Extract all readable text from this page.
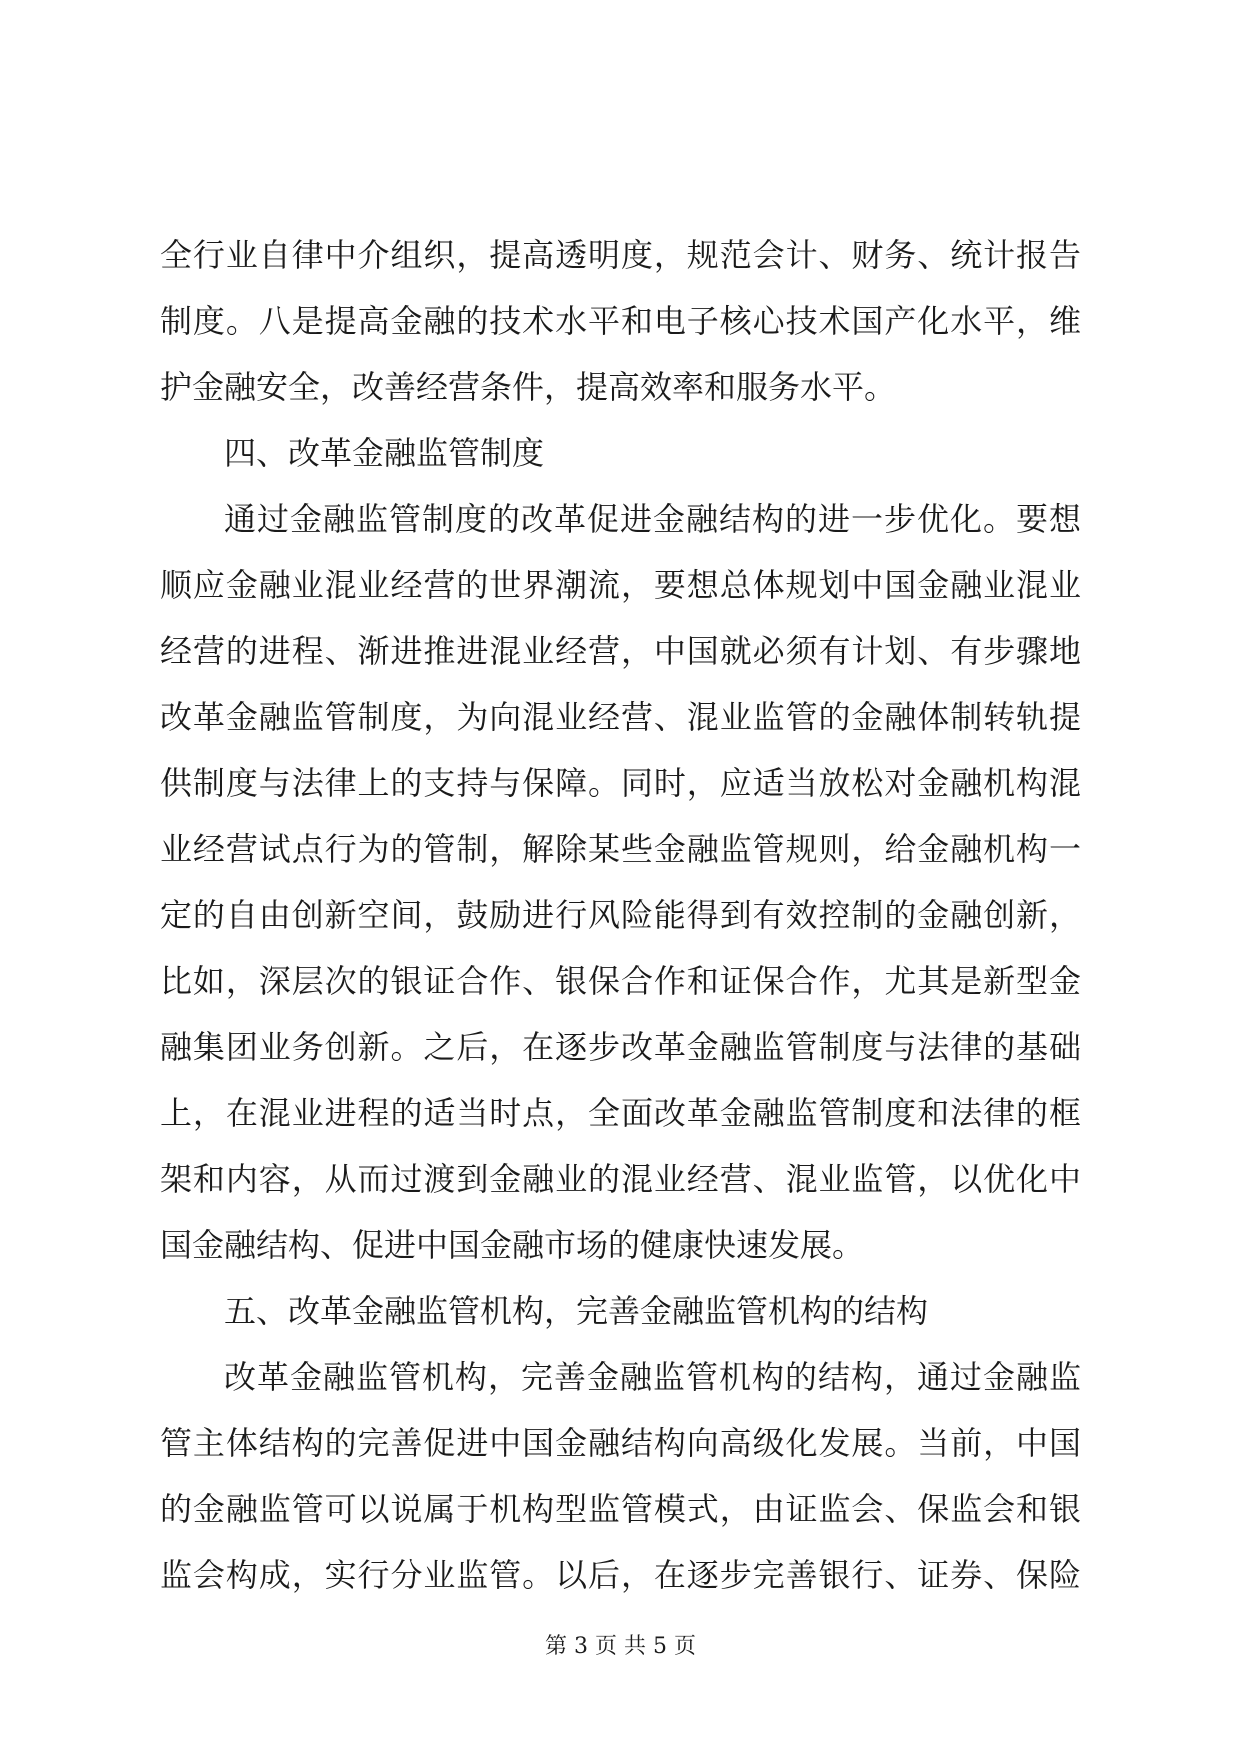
全行业自律中介组织，提高透明度，规范会计、财务、统计报告
制度。八是提高金融的技术水平和电子核心技术国产化水平，维
护金融安全，改善经营条件，提高效率和服务水平。
四、改革金融监管制度
通过金融监管制度的改革促进金融结构的进一步优化。要想
顺应金融业混业经营的世界潮流，要想总体规划中国金融业混业
经营的进程、渐进推进混业经营，中国就必须有计划、有步骤地
改革金融监管制度，为向混业经营、混业监管的金融体制转轨提
供制度与法律上的支持与保障。同时，应适当放松对金融机构混
业经营试点行为的管制，解除某些金融监管规则，给金融机构一
定的自由创新空间，鼓励进行风险能得到有效控制的金融创新，
比如，深层次的银证合作、银保合作和证保合作，尤其是新型金
融集团业务创新。之后，在逐步改革金融监管制度与法律的基础
上，在混业进程的适当时点，全面改革金融监管制度和法律的框
架和内容，从而过渡到金融业的混业经营、混业监管，以优化中
国金融结构、促进中国金融市场的健康快速发展。
五、改革金融监管机构，完善金融监管机构的结构
改革金融监管机构，完善金融监管机构的结构，通过金融监
管主体结构的完善促进中国金融结构向高级化发展。当前，中国
的金融监管可以说属于机构型监管模式，由证监会、保监会和银
监会构成，实行分业监管。以后，在逐步完善银行、证券、保险
第 3 页 共 5 页
